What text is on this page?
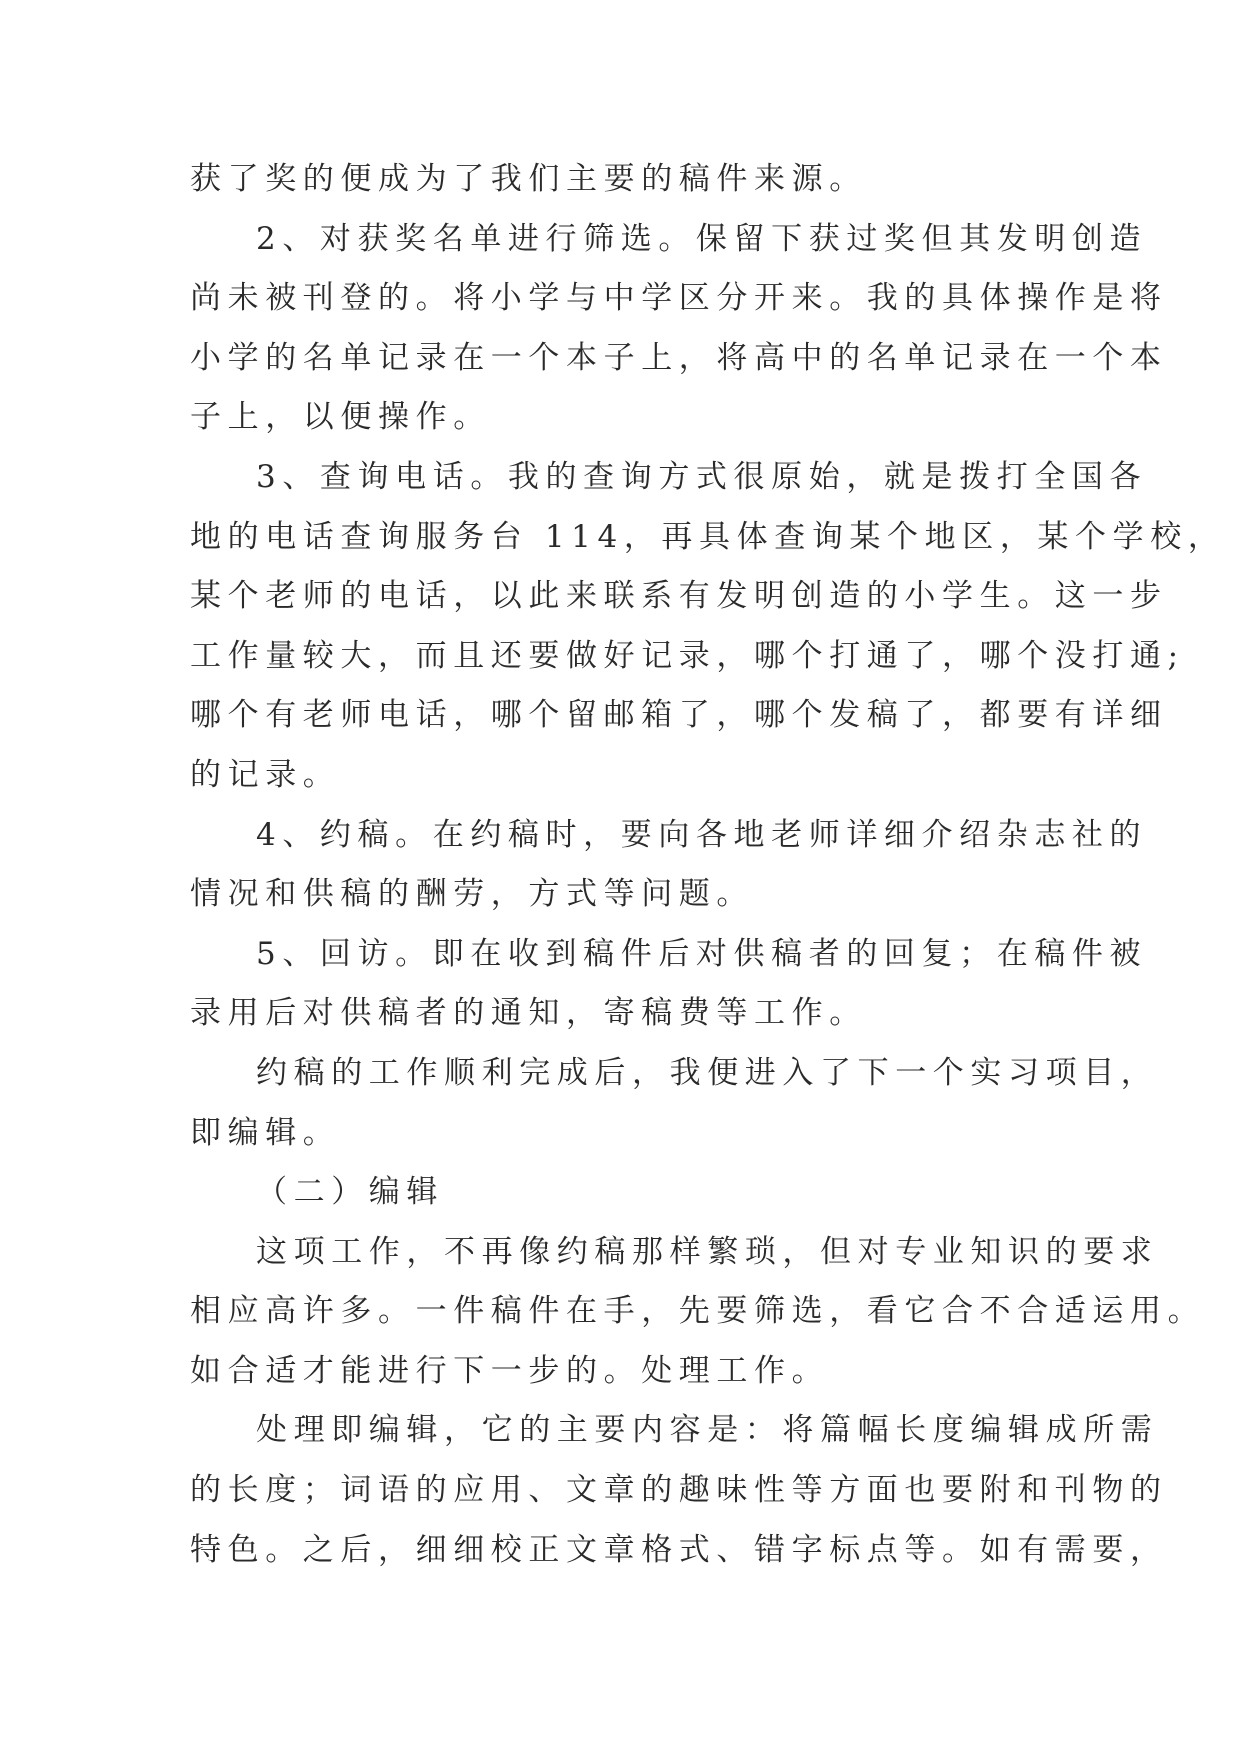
获了奖的便成为了我们主要的稿件来源。
2、对获奖名单进行筛选。保留下获过奖但其发明创造
尚未被刊登的。将小学与中学区分开来。我的具体操作是将
小学的名单记录在一个本子上，将高中的名单记录在一个本
子上，以便操作。
3、查询电话。我的查询方式很原始，就是拨打全国各
地的电话查询服务台 114，再具体查询某个地区，某个学校，
某个老师的电话，以此来联系有发明创造的小学生。这一步
工作量较大，而且还要做好记录，哪个打通了，哪个没打通;
哪个有老师电话，哪个留邮箱了，哪个发稿了，都要有详细
的记录。
4、约稿。在约稿时，要向各地老师详细介绍杂志社的
情况和供稿的酬劳，方式等问题。
5、回访。即在收到稿件后对供稿者的回复；在稿件被
录用后对供稿者的通知，寄稿费等工作。
约稿的工作顺利完成后，我便进入了下一个实习项目，
即编辑。
（二）编辑
这项工作，不再像约稿那样繁琐，但对专业知识的要求
相应高许多。一件稿件在手，先要筛选，看它合不合适运用。
如合适才能进行下一步的。处理工作。
处理即编辑，它的主要内容是：将篇幅长度编辑成所需
的长度；词语的应用、文章的趣味性等方面也要附和刊物的
特色。之后，细细校正文章格式、错字标点等。如有需要，
